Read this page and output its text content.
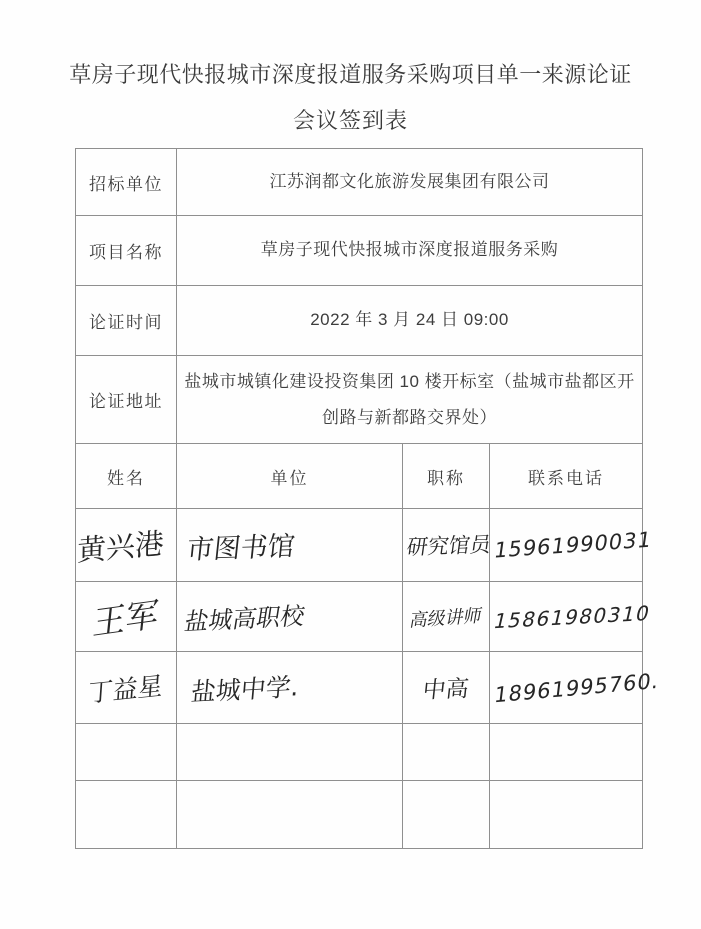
草房子现代快报城市深度报道服务采购项目单一来源论证
会议签到表
招标单位	江苏润都文化旅游发展集团有限公司		
项目名称	草房子现代快报城市深度报道服务采购		
论证时间	2022 年 3 月 24 日 09:00		
论证地址	盐城市城镇化建设投资集团 10 楼开标室（盐城市盐都区开创路与新都路交界处）		
姓名	单位	职称	联系电话
黄兴港	市图书馆	研究馆员	15961990031
王军	盐城高职校	高级讲师	15861980310
丁益星	盐城中学.	中高	18961995760.
